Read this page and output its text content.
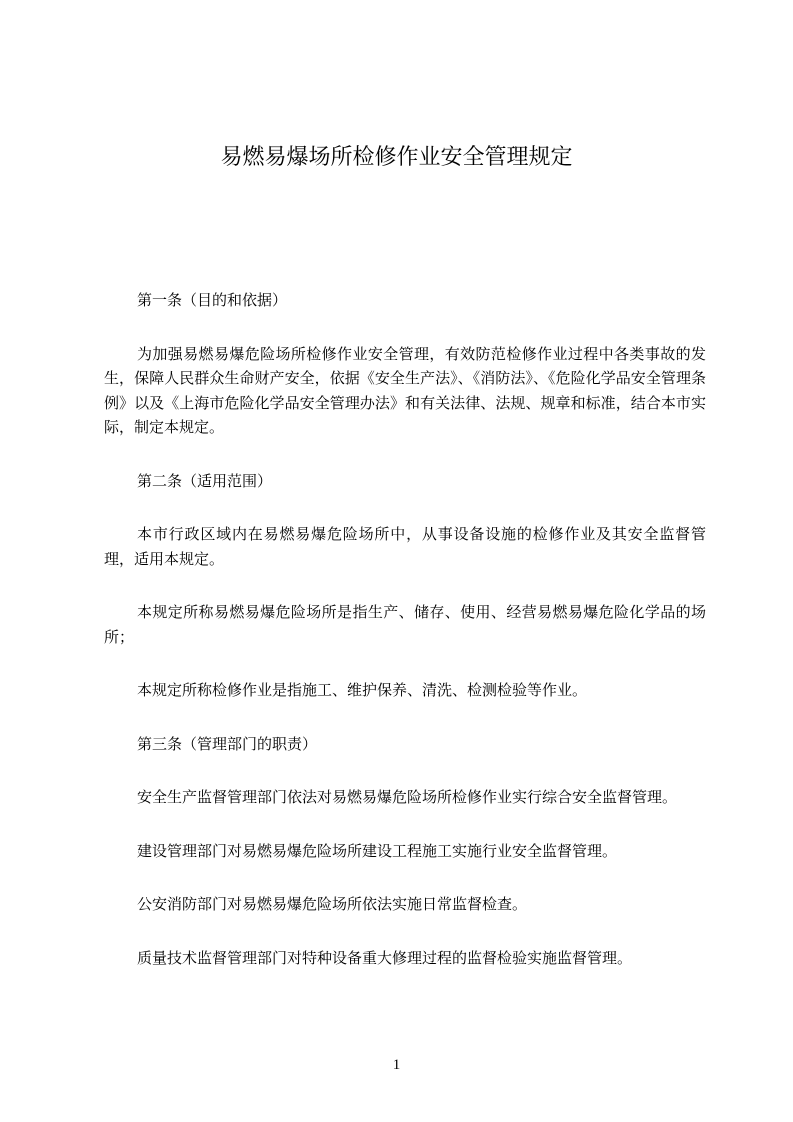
易燃易爆场所检修作业安全管理规定

第一条（目的和依据）

为加强易燃易爆危险场所检修作业安全管理，有效防范检修作业过程中各类事故的发生，保障人民群众生命财产安全，依据《安全生产法》、《消防法》、《危险化学品安全管理条例》以及《上海市危险化学品安全管理办法》和有关法律、法规、规章和标准，结合本市实际，制定本规定。

第二条（适用范围）

本市行政区域内在易燃易爆危险场所中，从事设备设施的检修作业及其安全监督管理，适用本规定。

本规定所称易燃易爆危险场所是指生产、储存、使用、经营易燃易爆危险化学品的场所；

本规定所称检修作业是指施工、维护保养、清洗、检测检验等作业。

第三条（管理部门的职责）

安全生产监督管理部门依法对易燃易爆危险场所检修作业实行综合安全监督管理。

建设管理部门对易燃易爆危险场所建设工程施工实施行业安全监督管理。

公安消防部门对易燃易爆危险场所依法实施日常监督检查。

质量技术监督管理部门对特种设备重大修理过程的监督检验实施监督管理。

1
